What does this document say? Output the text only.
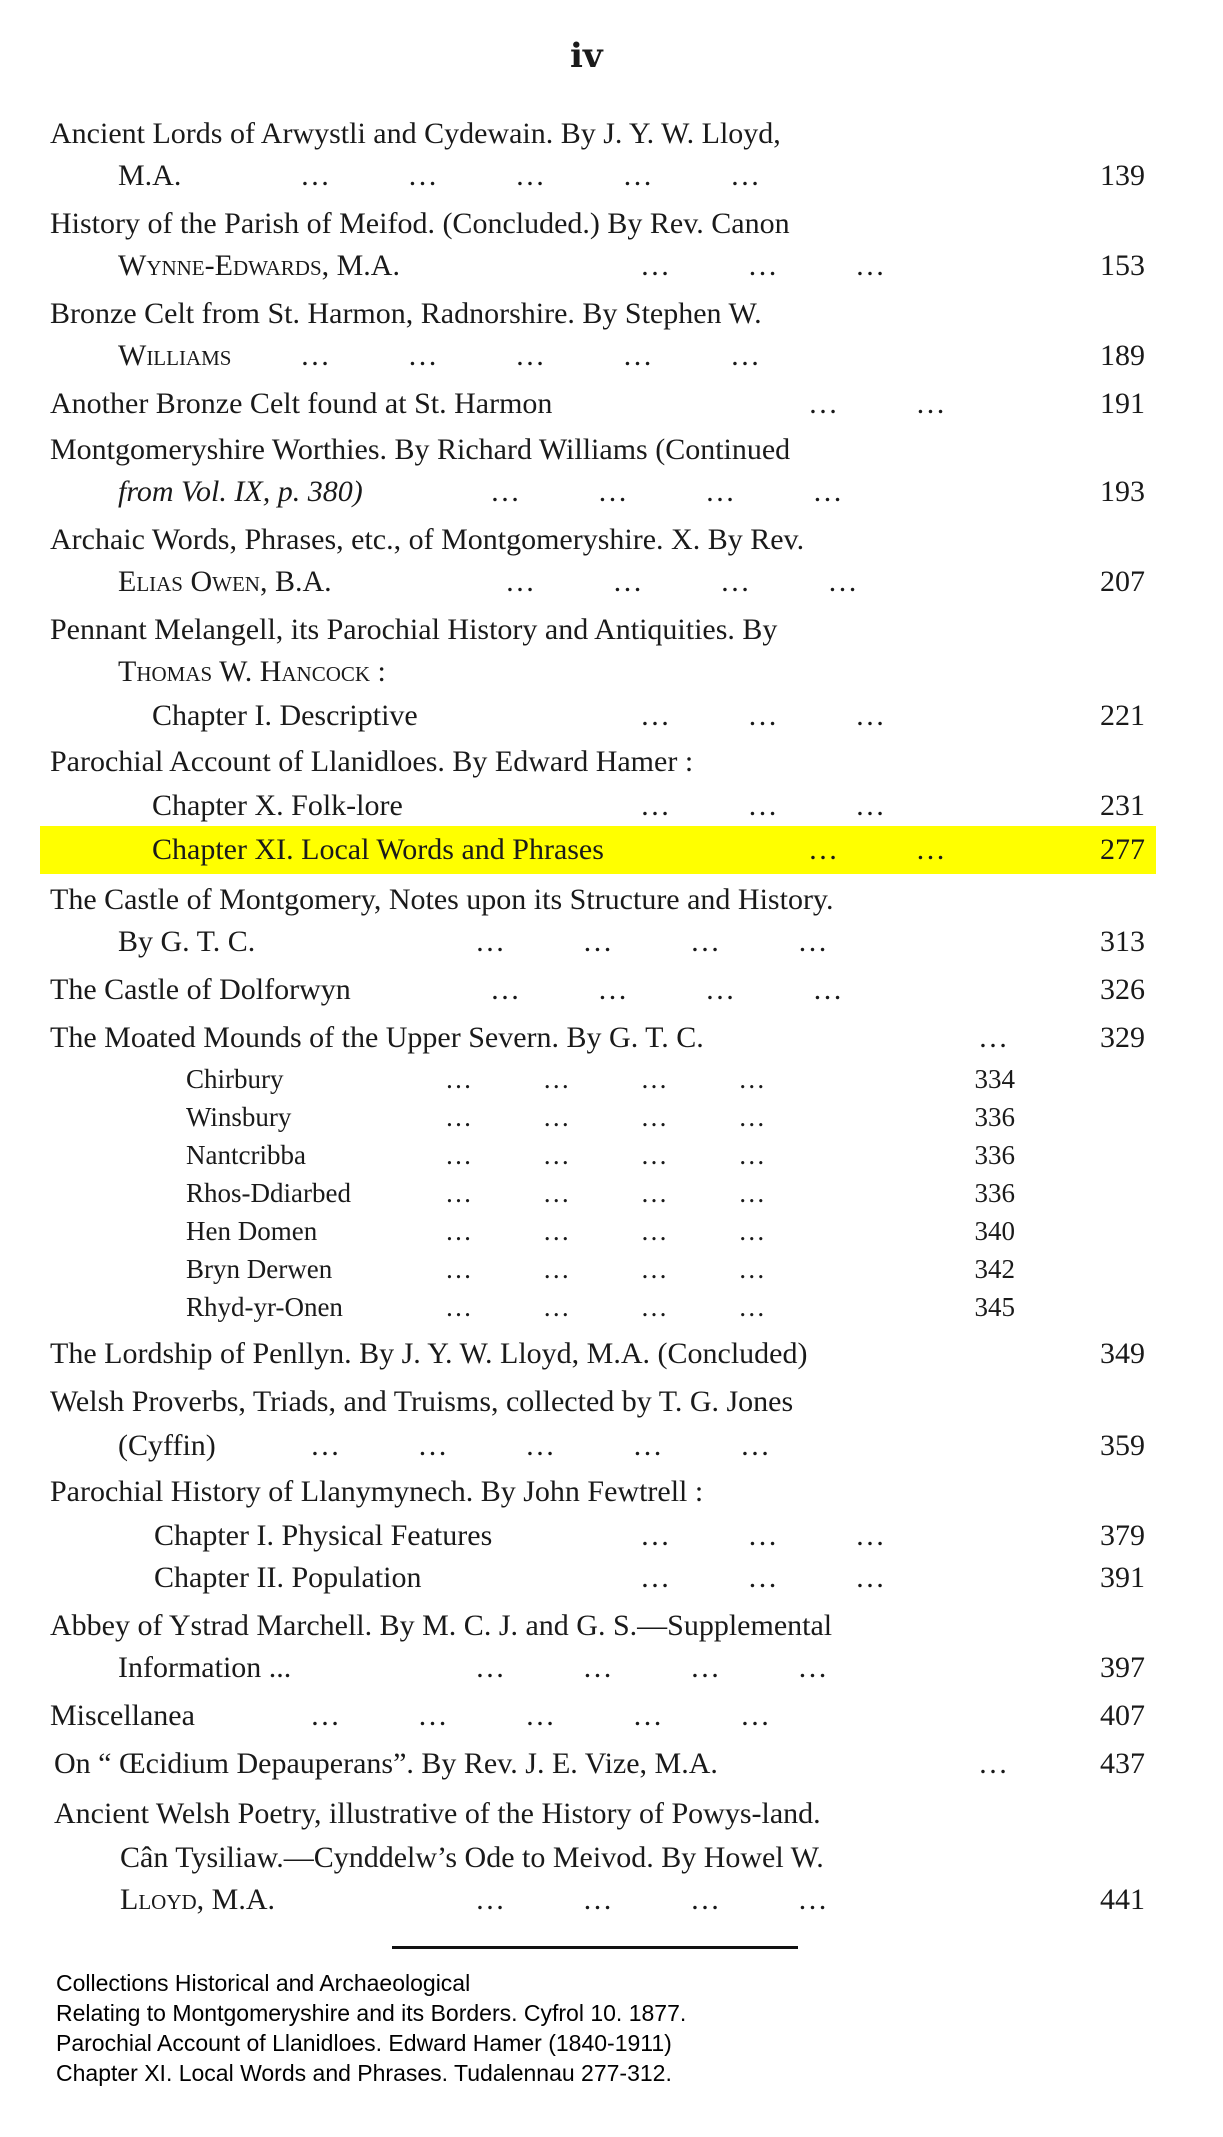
iv
Ancient Lords of Arwystli and Cydewain. By J. Y. W. Lloyd,
M.A.	…         …         …         …         …	139
History of the Parish of Meifod. (Concluded.) By Rev. Canon
Wynne-Edwards, M.A.	…         …         …	153
Bronze Celt from St. Harmon, Radnorshire. By Stephen W.
Williams …         …         …         …         …	189
Another Bronze Celt found at St. Harmon	…         …	191
Montgomeryshire Worthies. By Richard Williams (Continued
from Vol. IX, p. 380)	…         …         …         …	193
Archaic Words, Phrases, etc., of Montgomeryshire. X. By Rev.
Elias Owen, B.A.	…         …         …         …	207
Pennant Melangell, its Parochial History and Antiquities. By
Thomas W. Hancock :
Chapter I. Descriptive	…         …         …	221
Parochial Account of Llanidloes. By Edward Hamer :
Chapter X. Folk-lore	…         …         …	231
Chapter XI. Local Words and Phrases	…         …	277
The Castle of Montgomery, Notes upon its Structure and History.
By G. T. C.	…         …         …         …	313
The Castle of Dolforwyn	…         …         …         …	326
The Moated Mounds of the Upper Severn. By G. T. C.	…	329
Chirbury	…         …         …         …	334
Winsbury	…         …         …         …	336
Nantcribba	…         …         …         …	336
Rhos-Ddiarbed	…         …         …         …	336
Hen Domen	…         …         …         …	340
Bryn Derwen	…         …         …         …	342
Rhyd-yr-Onen	…         …         …         …	345
The Lordship of Penllyn. By J. Y. W. Lloyd, M.A. (Concluded)	349
Welsh Proverbs, Triads, and Truisms, collected by T. G. Jones
(Cyffin)	…         …         …         …         …	359
Parochial History of Llanymynech. By John Fewtrell :
Chapter I. Physical Features	…         …         …	379
Chapter II. Population	…         …         …	391
Abbey of Ystrad Marchell. By M. C. J. and G. S.—Supplemental
Information ...	…         …         …         …	397
Miscellanea	…         …         …         …         …	407
On “ Œcidium Depauperans”. By Rev. J. E. Vize, M.A.	…	437
Ancient Welsh Poetry, illustrative of the History of Powys-land.
Cân Tysiliaw.—Cynddelw’s Ode to Meivod. By Howel W.
Lloyd, M.A.	…         …         …         …	441
Collections Historical and Archaeological
Relating to Montgomeryshire and its Borders. Cyfrol 10. 1877.
Parochial Account of Llanidloes. Edward Hamer (1840-1911)
Chapter XI. Local Words and Phrases. Tudalennau 277-312.
